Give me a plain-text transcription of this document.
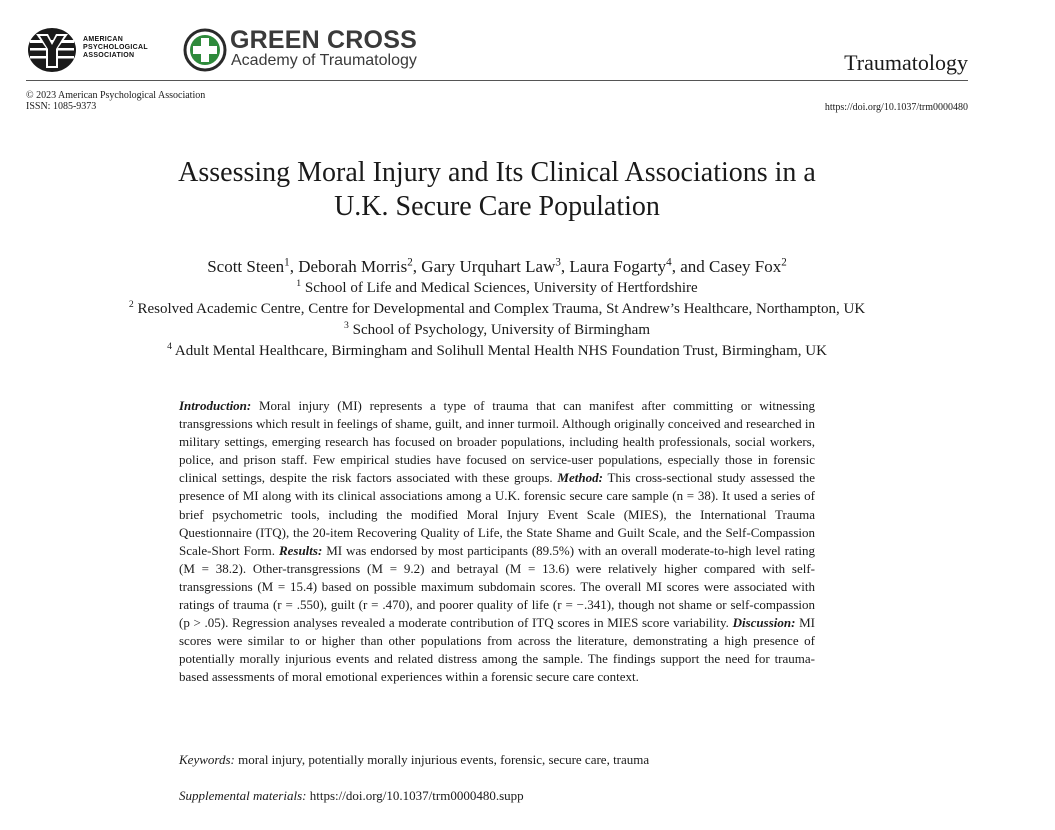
AMERICAN
PSYCHOLOGICAL
ASSOCIATION
GREEN CROSS
Academy of Traumatology	Traumatology
© 2023 American Psychological Association
ISSN: 1085-9373	https://doi.org/10.1037/trm0000480
Assessing Moral Injury and Its Clinical Associations in a
U.K. Secure Care Population
Scott Steen$^1$, Deborah Morris$^2$, Gary Urquhart Law$^3$, Laura Fogarty$^4$, and Casey Fox$^2$
$^1$ School of Life and Medical Sciences, University of Hertfordshire
$^2$ Resolved Academic Centre, Centre for Developmental and Complex Trauma, St Andrew’s Healthcare, Northampton, UK
$^3$ School of Psychology, University of Birmingham
$^4$ Adult Mental Healthcare, Birmingham and Solihull Mental Health NHS Foundation Trust, Birmingham, UK
Introduction: Moral injury (MI) represents a type of trauma that can manifest after committing or witnessing transgressions which result in feelings of shame, guilt, and inner turmoil. Although originally conceived and researched in military settings, emerging research has focused on broader populations, including health professionals, social workers, police, and prison staff. Few empirical studies have focused on service-user populations, especially those in forensic clinical settings, despite the risk factors associated with these groups. Method: This cross-sectional study assessed the presence of MI along with its clinical associations among a U.K. forensic secure care sample (n = 38). It used a series of brief psychometric tools, including the modified Moral Injury Event Scale (MIES), the International Trauma Questionnaire (ITQ), the 20-item Recovering Quality of Life, the State Shame and Guilt Scale, and the Self-Compassion Scale-Short Form. Results: MI was endorsed by most participants (89.5%) with an overall moderate-to-high level rating (M = 38.2). Other-transgressions (M = 9.2) and betrayal (M = 13.6) were relatively higher compared with self-transgressions (M = 15.4) based on possible maximum subdomain scores. The overall MI scores were associated with ratings of trauma (r = .550), guilt (r = .470), and poorer quality of life (r = −.341), though not shame or self-compassion (p > .05). Regression analyses revealed a moderate contribution of ITQ scores in MIES score variability. Discussion: MI scores were similar to or higher than other populations from across the literature, demonstrating a high presence of potentially morally injurious events and related distress among the sample. The findings support the need for trauma-based assessments of moral emotional experiences within a forensic secure care context.
Keywords: moral injury, potentially morally injurious events, forensic, secure care, trauma
Supplemental materials: https://doi.org/10.1037/trm0000480.supp
